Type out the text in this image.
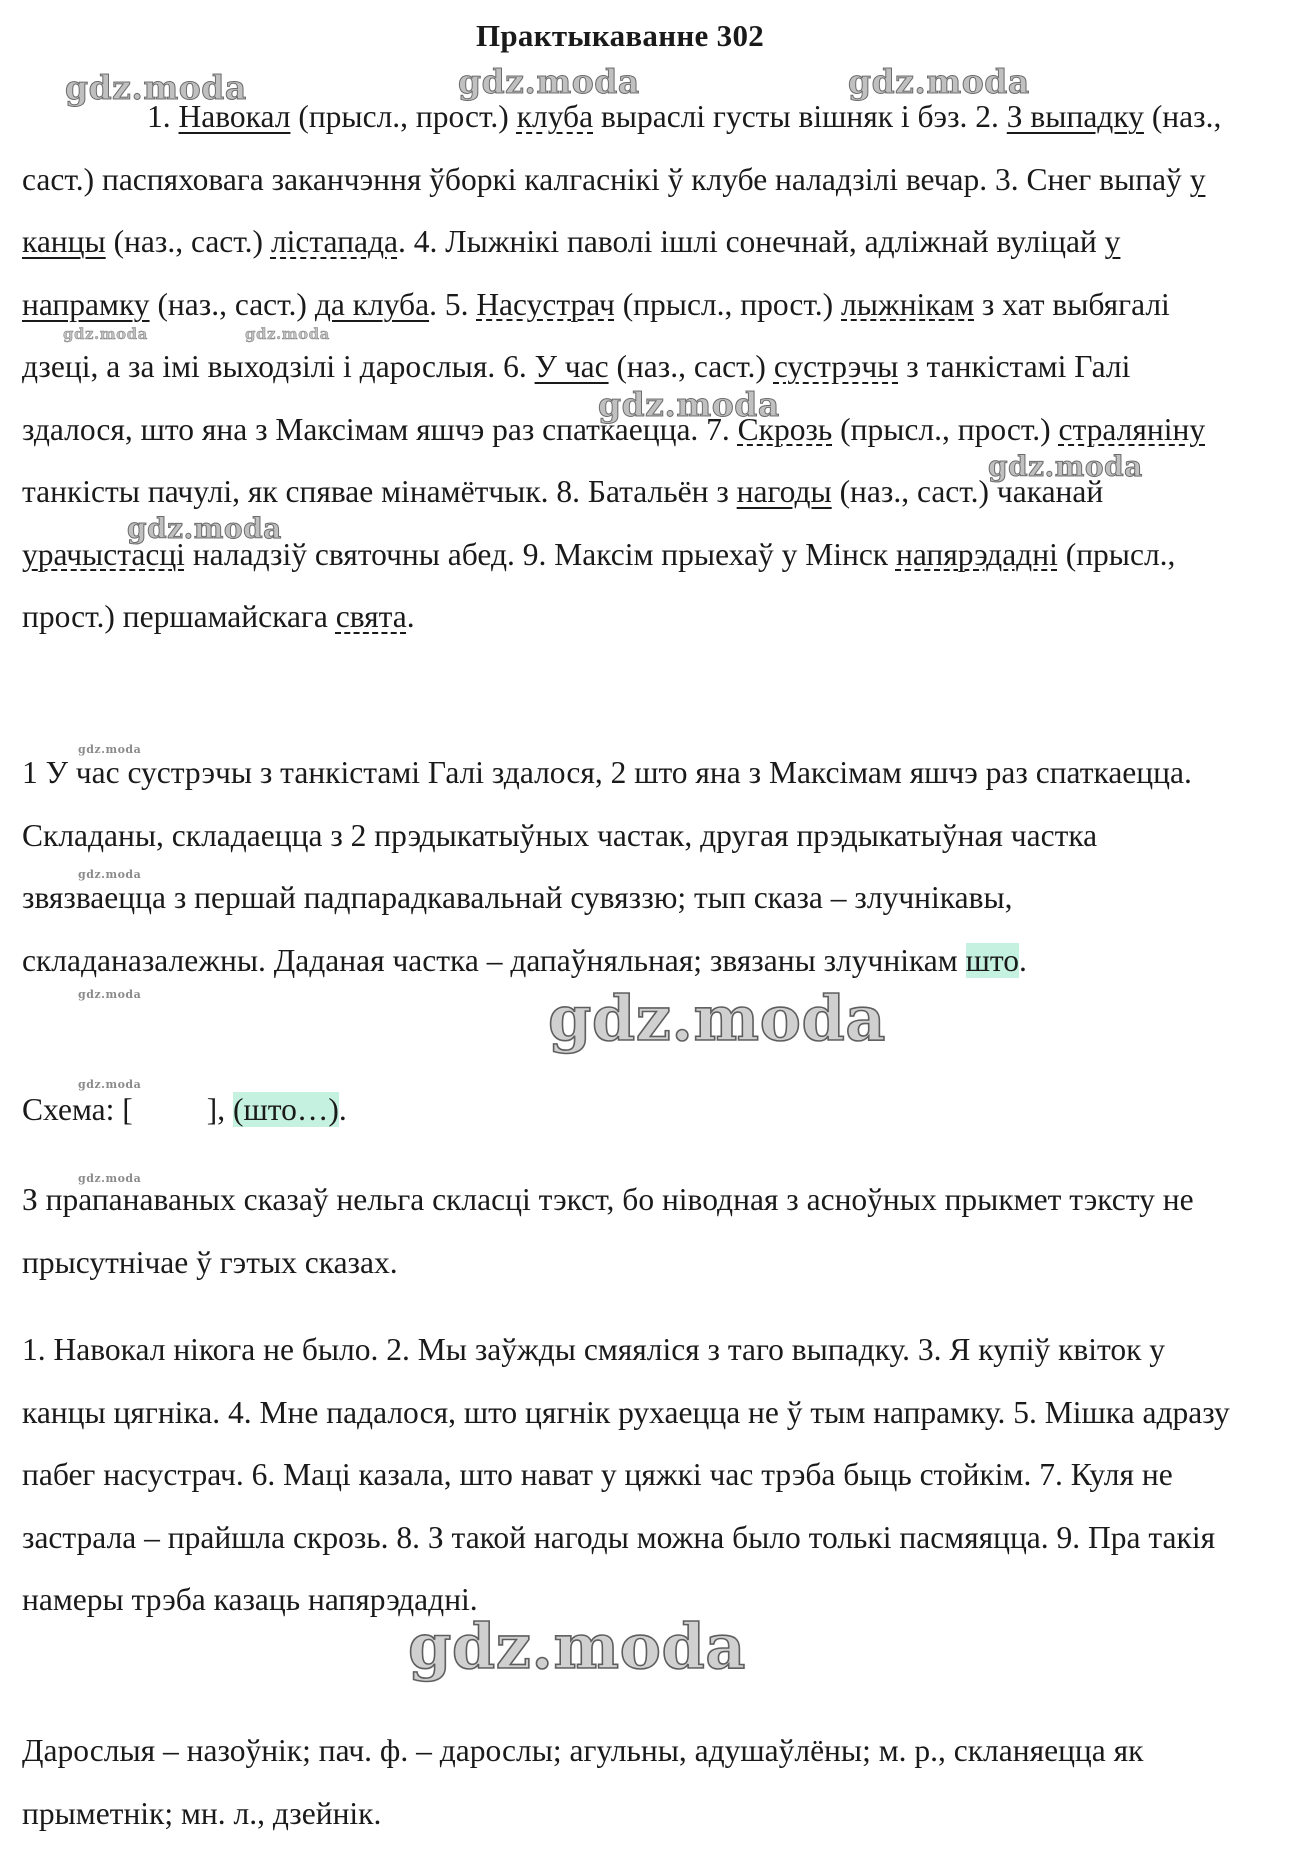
Практыкаванне 302
1. Навокал (прысл., прост.) клуба выраслі густы вішняк і бэз. 2. З выпадку (наз., саст.) паспяховага заканчэння ўборкі калгаснікі ў клубе наладзілі вечар. 3. Снег выпаў у канцы (наз., саст.) лістапада. 4. Лыжнікі паволі ішлі сонечнай, адліжнай вуліцай у напрамку (наз., саст.) да клуба. 5. Насустрач (прысл., прост.) лыжнікам з хат выбягалі дзеці, а за імі выходзілі і дарослыя. 6. У час (наз., саст.) сустрэчы з танкістамі Галі здалося, што яна з Максімам яшчэ раз спаткаецца. 7. Скрозь (прысл., прост.) страляніну танкісты пачулі, як спявае мінамётчык. 8. Батальён з нагоды (наз., саст.) чаканай урачыстасці наладзіў святочны абед. 9. Максім прыехаў у Мінск напярэдадні (прысл., прост.) першамайскага свята.
1 У час сустрэчы з танкістамі Галі здалося, 2 што яна з Максімам яшчэ раз спаткаецца. Складаны, складаецца з 2 прэдыкатыўных частак, другая прэдыкатыўная частка звязваецца з першай падпарадкавальнай сувяззю; тып сказа – злучнікавы, складаназалежны. Даданая частка – дапаўняльная; звязаны злучнікам што.
Схема: [ ], (што…).
З прапанаваных сказаў нельга скласці тэкст, бо ніводная з асноўных прыкмет тэксту не прысутнічае ў гэтых сказах.
1. Навокал нікога не было. 2. Мы заўжды смяяліся з таго выпадку. 3. Я купіў квіток у канцы цягніка. 4. Мне падалося, што цягнік рухаецца не ў тым напрамку. 5. Мішка адразу пабег насустрач. 6. Маці казала, што нават у цяжкі час трэба быць стойкім. 7. Куля не застрала – прайшла скрозь. 8. З такой нагоды можна было толькі пасмяяцца. 9. Пра такія намеры трэба казаць напярэдадні.
Дарослыя – назоўнік; пач. ф. – дарослы; агульны, адушаўлёны; м. р., скланяецца як прыметнік; мн. л., дзейнік.
gdz.moda	gdz.moda	gdz.moda
gdz.moda	gdz.moda
gdz.moda
gdz.moda
gdz.moda
gdz.moda
gdz.moda
gdz.moda	gdz.moda
gdz.moda
gdz.moda
gdz.moda
